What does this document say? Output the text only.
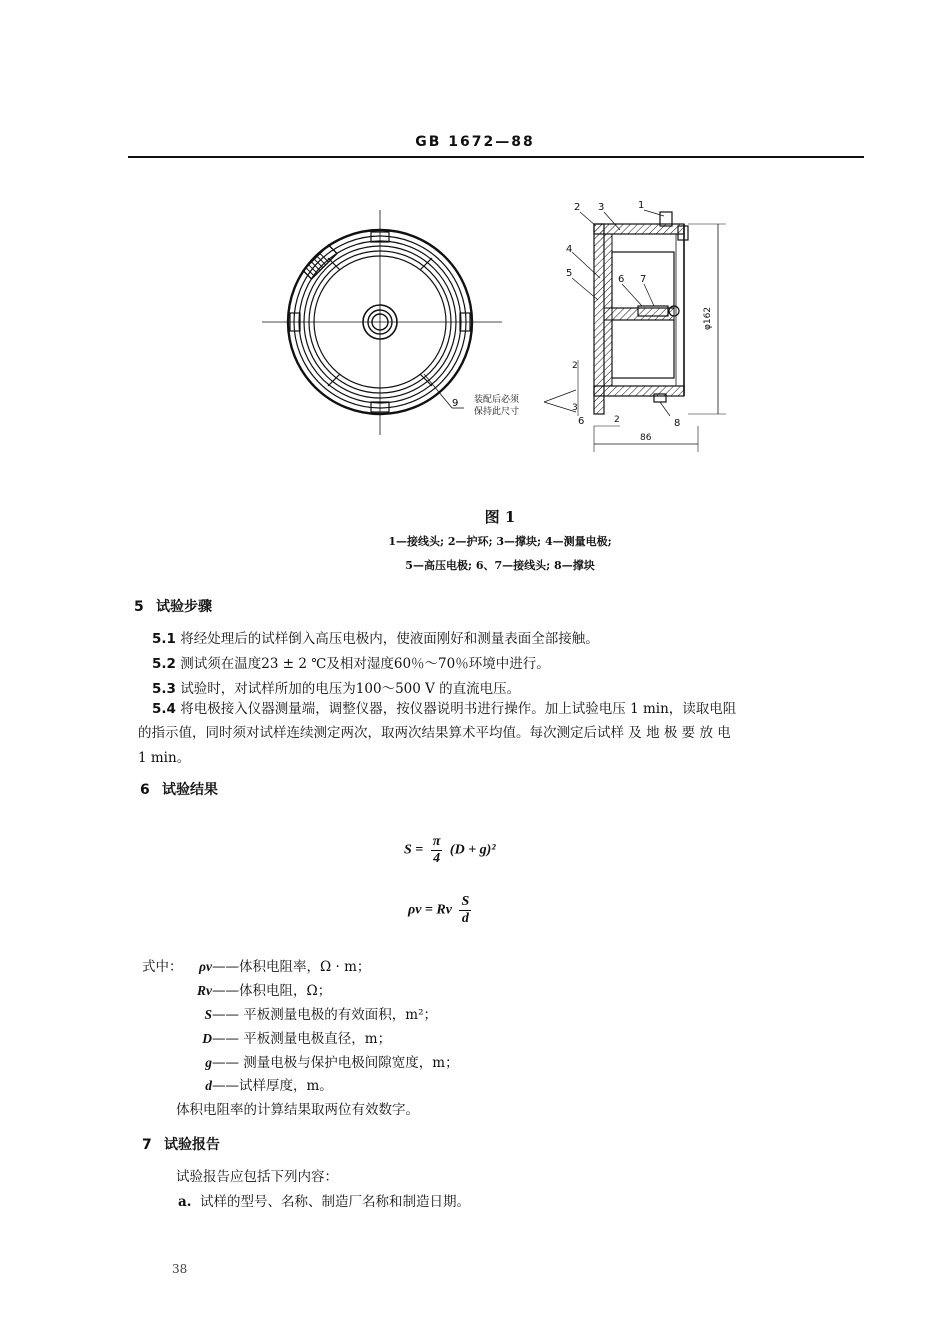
GB 1672—88
9
2 3	1
4
5
6 7
6	8
86
2
2
3
φ162
装配后必须
保持此尺寸
图 1
1—接线头; 2—护环; 3—撑块; 4—测量电极;
5—高压电极; 6、7—接线头; 8—撑块
5 试验步骤
5.1 将经处理后的试样倒入高压电极内，使液面刚好和测量表面全部接触。
5.2 测试须在温度23 ± 2 ℃及相对湿度60％～70％环境中进行。
5.3 试验时，对试样所加的电压为100～500 V 的直流电压。
5.4 将电极接入仪器测量端，调整仪器，按仪器说明书进行操作。加上试验电压 1 min，读取电阻
的指示值，同时须对试样连续测定两次，取两次结果算术平均值。每次测定后试样 及 地 极 要 放 电
1 min。
6 试验结果
$S = \frac{\pi}{4} (D + g)^2$
ρv = Rv $\frac{S}{d}$
式中：	ρv——体积电阻率，Ω · m；
Rv——体积电阻，Ω；
S—— 平板测量电极的有效面积，m²；
D—— 平板测量电极直径，m；
g—— 测量电极与保护电极间隙宽度，m；
d——试样厚度，m。
体积电阻率的计算结果取两位有效数字。
7 试验报告
试验报告应包括下列内容：
a. 试样的型号、名称、制造厂名称和制造日期。
38
